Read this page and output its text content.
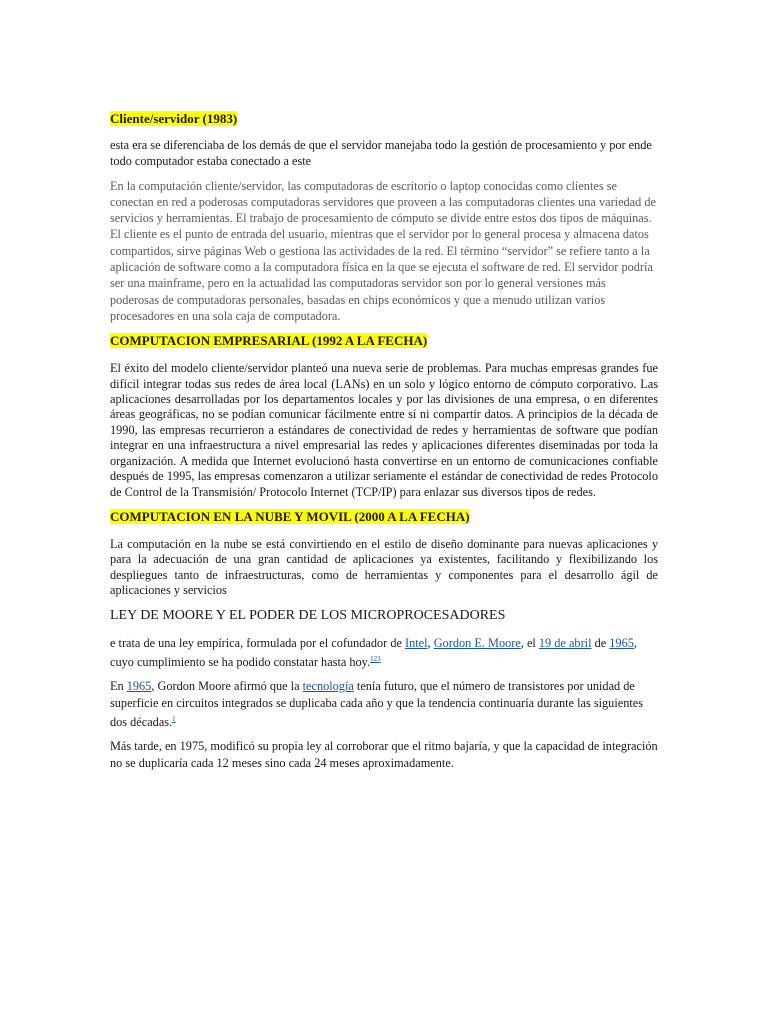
Cliente/servidor (1983)

esta era se diferenciaba de los demás de que el servidor manejaba todo la gestión de procesamiento y por ende todo computador estaba conectado a este

En la computación cliente/servidor, las computadoras de escritorio o laptop conocidas como clientes se conectan en red a poderosas computadoras servidores que proveen a las computadoras clientes una variedad de servicios y herramientas. El trabajo de procesamiento de cómputo se divide entre estos dos tipos de máquinas. El cliente es el punto de entrada del usuario, mientras que el servidor por lo general procesa y almacena datos compartidos, sirve páginas Web o gestiona las actividades de la red. El término “servidor” se refiere tanto a la aplicación de software como a la computadora física en la que se ejecuta el software de red. El servidor podría ser una mainframe, pero en la actualidad las computadoras servidor son por lo general versiones más poderosas de computadoras personales, basadas en chips económicos y que a menudo utilizan varios procesadores en una sola caja de computadora.

COMPUTACION EMPRESARIAL (1992 A LA FECHA)

El éxito del modelo cliente/servidor planteó una nueva serie de problemas. Para muchas empresas grandes fue difícil integrar todas sus redes de área local (LANs) en un solo y lógico entorno de cómputo corporativo. Las aplicaciones desarrolladas por los departamentos locales y por las divisiones de una empresa, o en diferentes áreas geográficas, no se podían comunicar fácilmente entre sí ni compartir datos. A principios de la década de 1990, las empresas recurrieron a estándares de conectividad de redes y herramientas de software que podían integrar en una infraestructura a nivel empresarial las redes y aplicaciones diferentes diseminadas por toda la organización. A medida que Internet evolucionó hasta convertirse en un entorno de comunicaciones confiable después de 1995, las empresas comenzaron a utilizar seriamente el estándar de conectividad de redes Protocolo de Control de la Transmisión/ Protocolo Internet (TCP/IP) para enlazar sus diversos tipos de redes.

COMPUTACION EN LA NUBE Y MOVIL (2000 A LA FECHA)

La computación en la nube se está convirtiendo en el estilo de diseño dominante para nuevas aplicaciones y para la adecuación de una gran cantidad de aplicaciones ya existentes, facilitando y flexibilizando los despliegues tanto de infraestructuras, como de herramientas y componentes para el desarrollo ágil de aplicaciones y servicios

LEY DE MOORE Y EL PODER DE LOS MICROPROCESADORES

e trata de una ley empírica, formulada por el cofundador de Intel, Gordon E. Moore, el 19 de abril de 1965, cuyo cumplimiento se ha podido constatar hasta hoy.$^{1​2​3}$

En 1965, Gordon Moore afirmó que la tecnología tenía futuro, que el número de transistores por unidad de superficie en circuitos integrados se duplicaba cada año y que la tendencia continuaría durante las siguientes dos décadas.$^1$

Más tarde, en 1975, modificó su propia ley al corroborar que el ritmo bajaría, y que la capacidad de integración no se duplicaría cada 12 meses sino cada 24 meses aproximadamente.
